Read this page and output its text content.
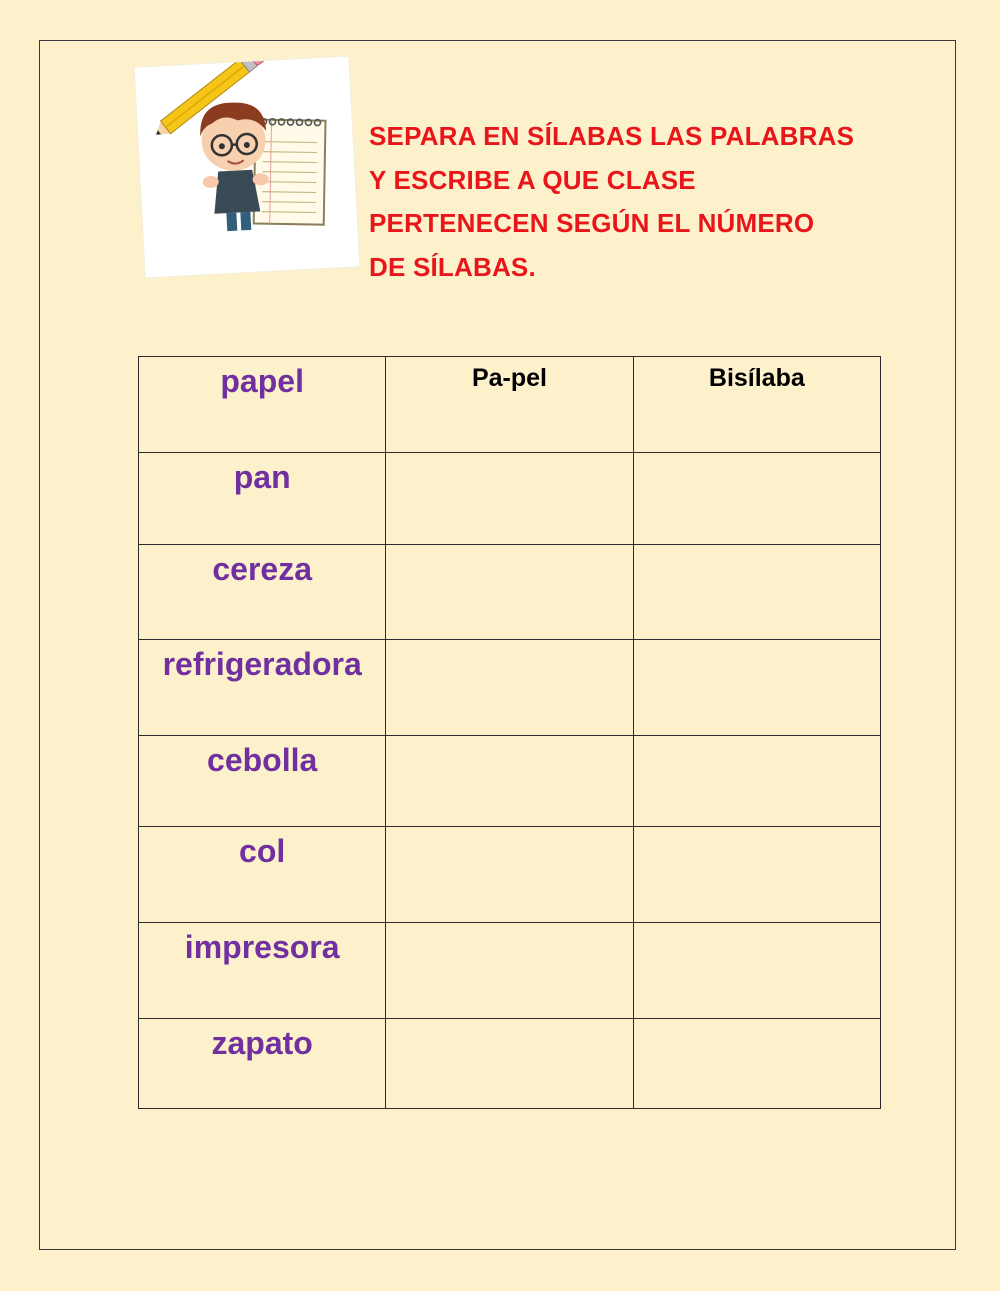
SEPARA EN SÍLABAS LAS PALABRAS
Y ESCRIBE A QUE CLASE
PERTENECEN SEGÚN EL NÚMERO
DE SÍLABAS.
papel	Pa-pel	Bisílaba

pan		

cereza		

refrigeradora		

cebolla		

col		

impresora		

zapato		
